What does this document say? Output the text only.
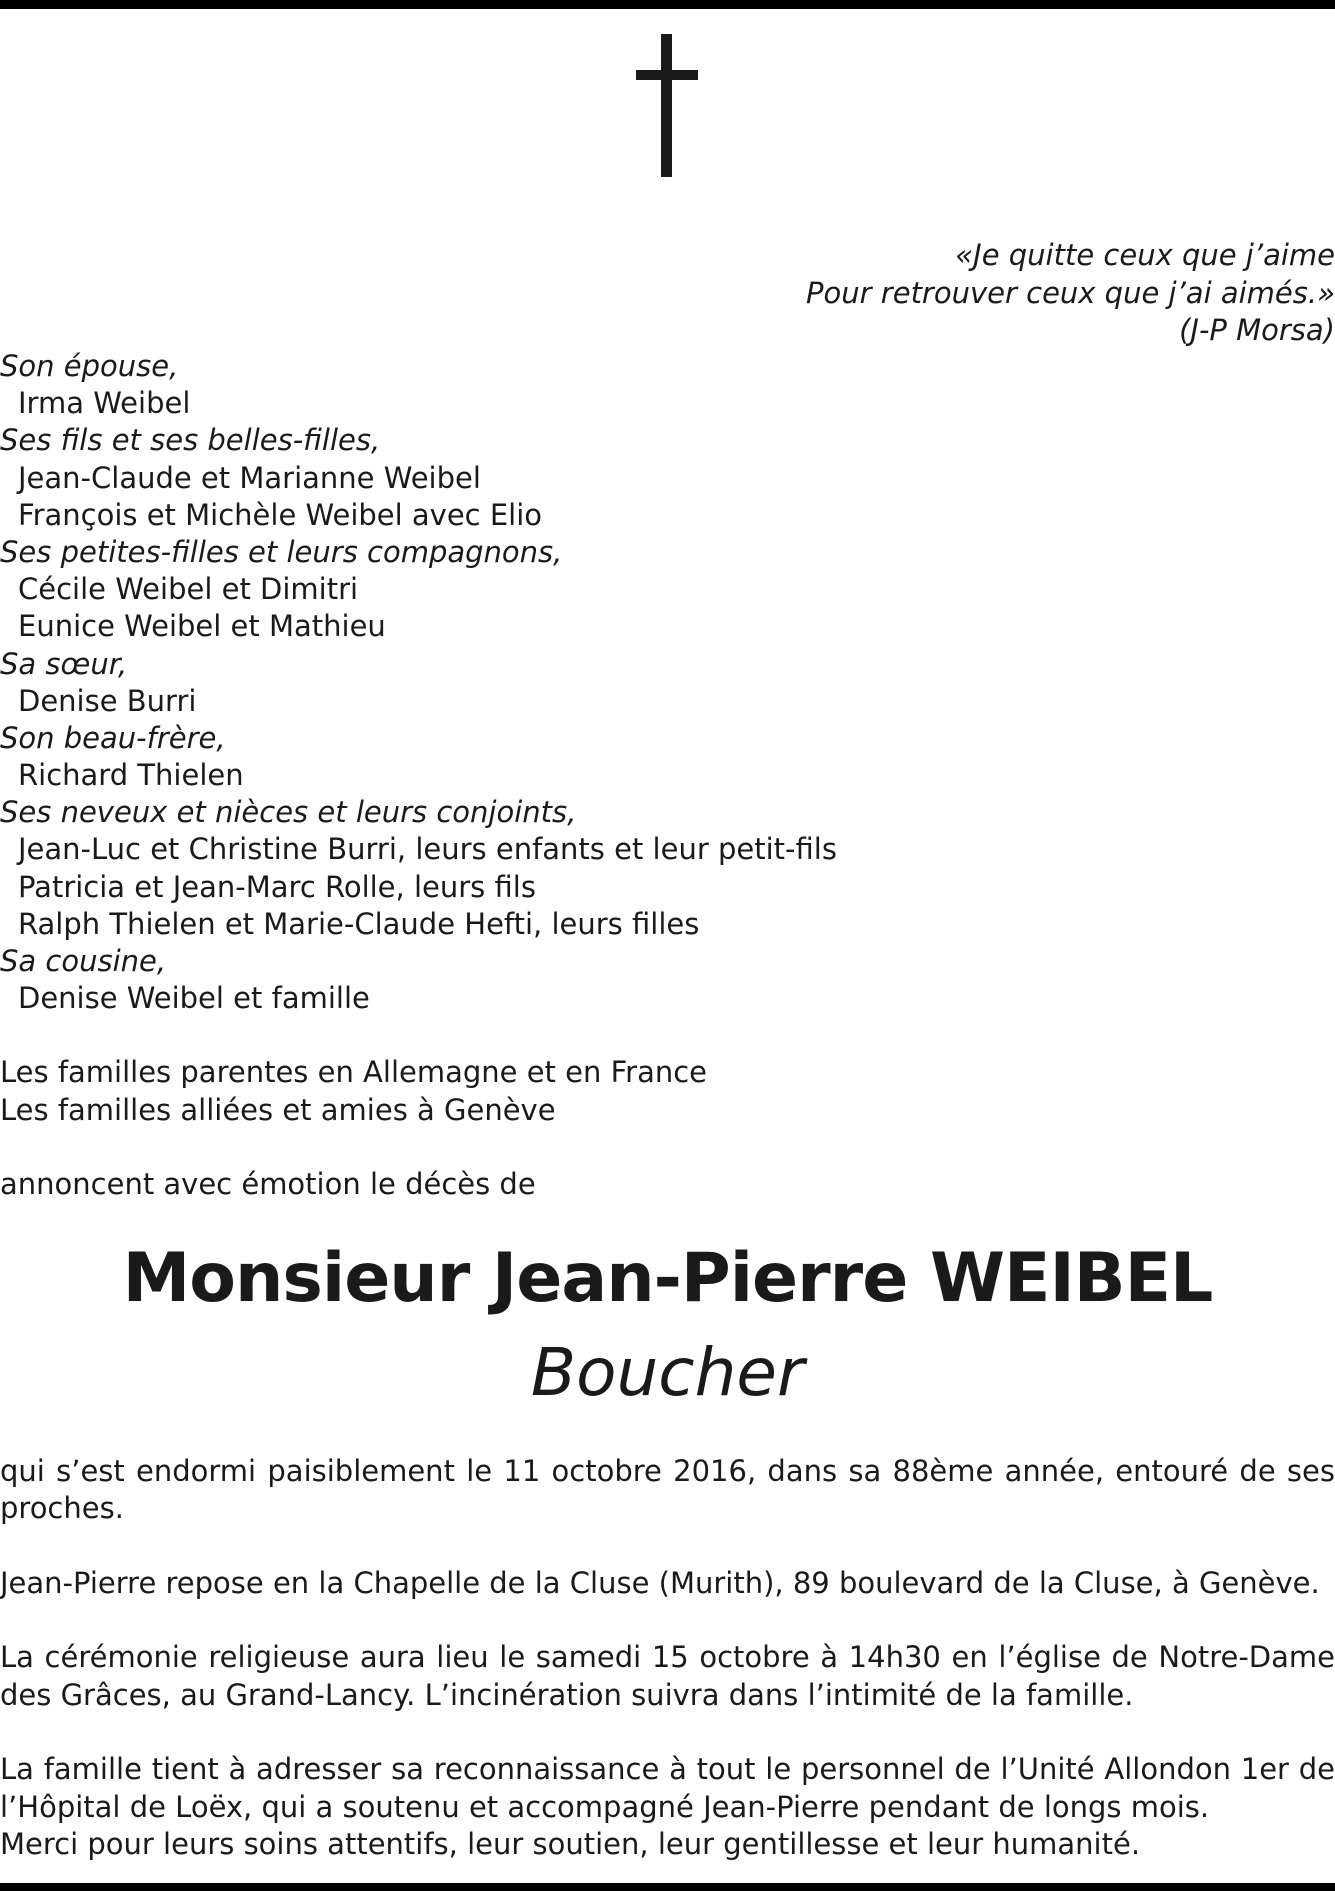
«Je quitte ceux que j’aime
Pour retrouver ceux que j’ai aimés.»
(J-P Morsa)
Son épouse,
Irma Weibel
Ses fils et ses belles-filles,
Jean-Claude et Marianne Weibel
François et Michèle Weibel avec Elio
Ses petites-filles et leurs compagnons,
Cécile Weibel et Dimitri
Eunice Weibel et Mathieu
Sa sœur,
Denise Burri
Son beau-frère,
Richard Thielen
Ses neveux et nièces et leurs conjoints,
Jean-Luc et Christine Burri, leurs enfants et leur petit-fils
Patricia et Jean-Marc Rolle, leurs fils
Ralph Thielen et Marie-Claude Hefti, leurs filles
Sa cousine,
Denise Weibel et famille
Les familles parentes en Allemagne et en France
Les familles alliées et amies à Genève
annoncent avec émotion le décès de
Monsieur Jean-Pierre WEIBEL
Boucher

qui s’est endormi paisiblement le 11 octobre 2016, dans sa 88ème année, entouré de ses proches.

Jean-Pierre repose en la Chapelle de la Cluse (Murith), 89 boulevard de la Cluse, à Genève.

La cérémonie religieuse aura lieu le samedi 15 octobre à 14h30 en l’église de Notre-Dame des Grâces, au Grand-Lancy. L’incinération suivra dans l’intimité de la famille.

La famille tient à adresser sa reconnaissance à tout le personnel de l’Unité Allondon 1er de l’Hôpital de Loëx, qui a soutenu et accompagné Jean-Pierre pendant de longs mois.
Merci pour leurs soins attentifs, leur soutien, leur gentillesse et leur humanité.
